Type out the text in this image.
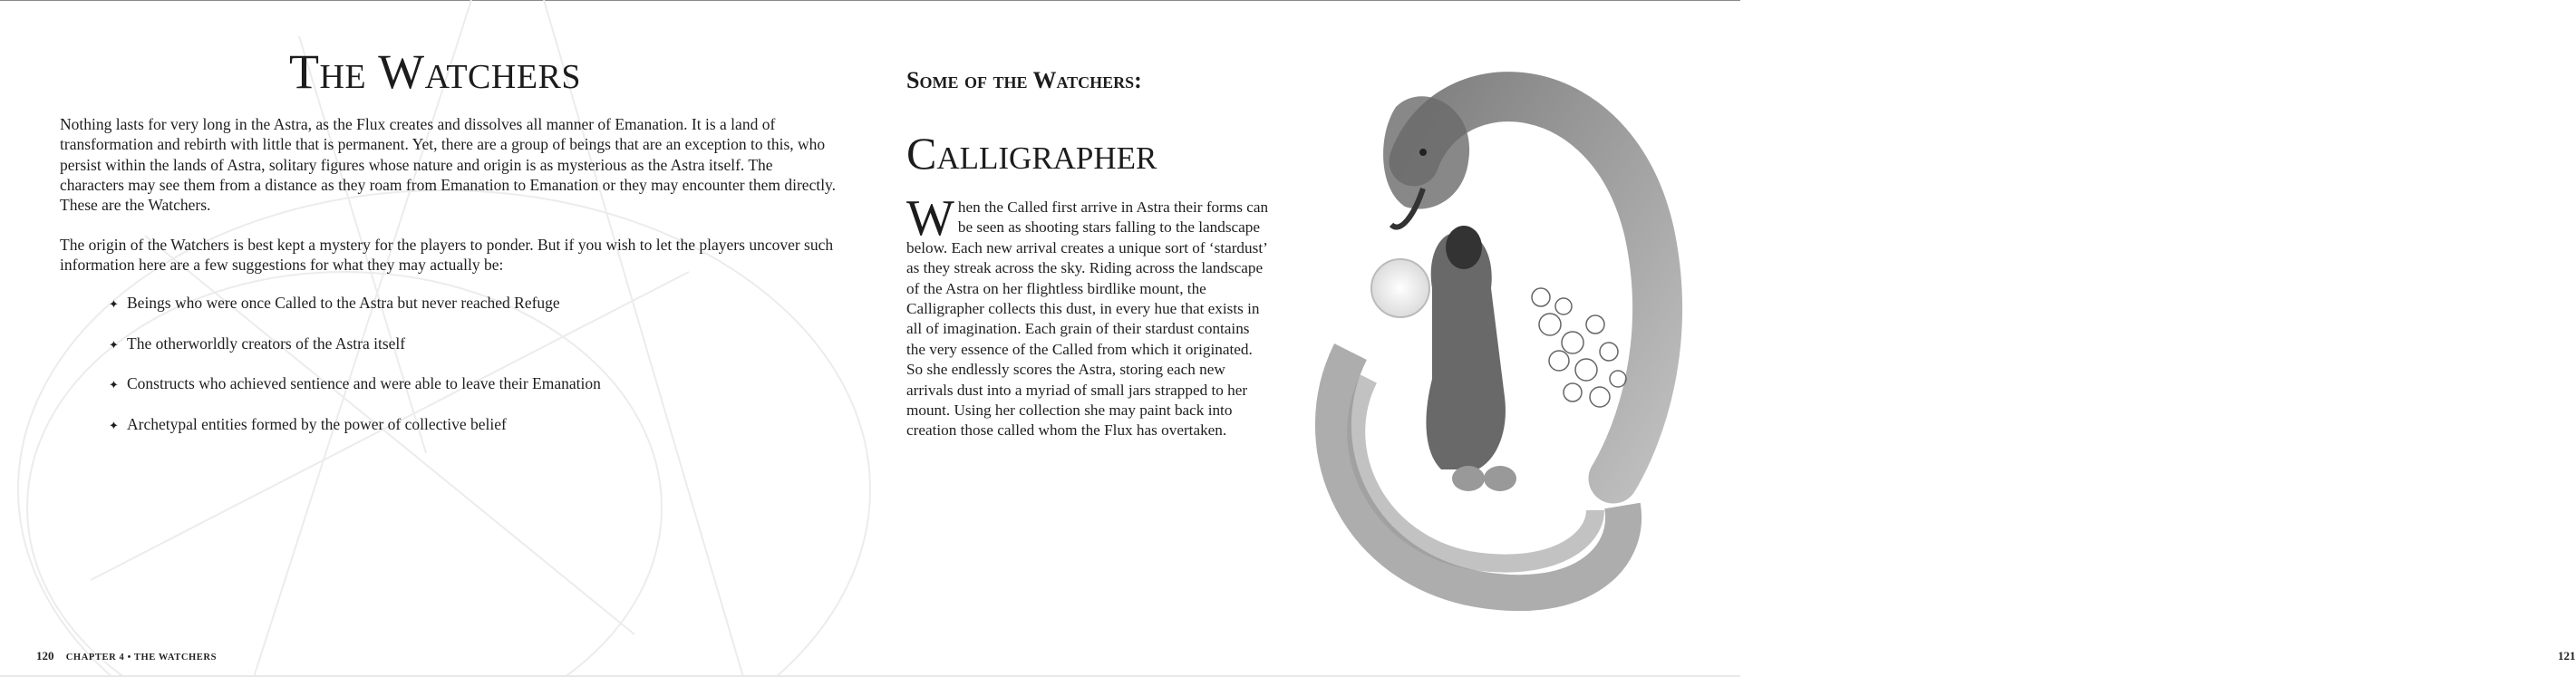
The Watchers

Nothing lasts for very long in the Astra, as the Flux creates and dissolves all manner of Emanation. It is a land of transformation and rebirth with little that is permanent. Yet, there are a group of beings that are an exception to this, who persist within the lands of Astra, solitary figures whose nature and origin is as mysterious as the Astra itself. The characters may see them from a distance as they roam from Emanation to Emanation or they may encounter them directly. These are the Watchers.

The origin of the Watchers is best kept a mystery for the players to ponder. But if you wish to let the players uncover such information here are a few suggestions for what they may actually be:

✦ Beings who were once Called to the Astra but never reached Refuge
✦ The otherworldly creators of the Astra itself
✦ Constructs who achieved sentience and were able to leave their Emanation
✦ Archetypal entities formed by the power of collective belief
120 CHAPTER 4 • THE WATCHERS
Some of the Watchers:
Calligrapher
When the Called first arrive in Astra their forms can be seen as shooting stars falling to the landscape below. Each new arrival creates a unique sort of ‘stardust’ as they streak across the sky. Riding across the landscape of the Astra on her flightless birdlike mount, the Calligrapher collects this dust, in every hue that exists in all of imagination. Each grain of their stardust contains the very essence of the Called from which it originated. So she endlessly scores the Astra, storing each new arrivals dust into a myriad of small jars strapped to her mount. Using her collection she may paint back into creation those called whom the Flux has overtaken.
121
